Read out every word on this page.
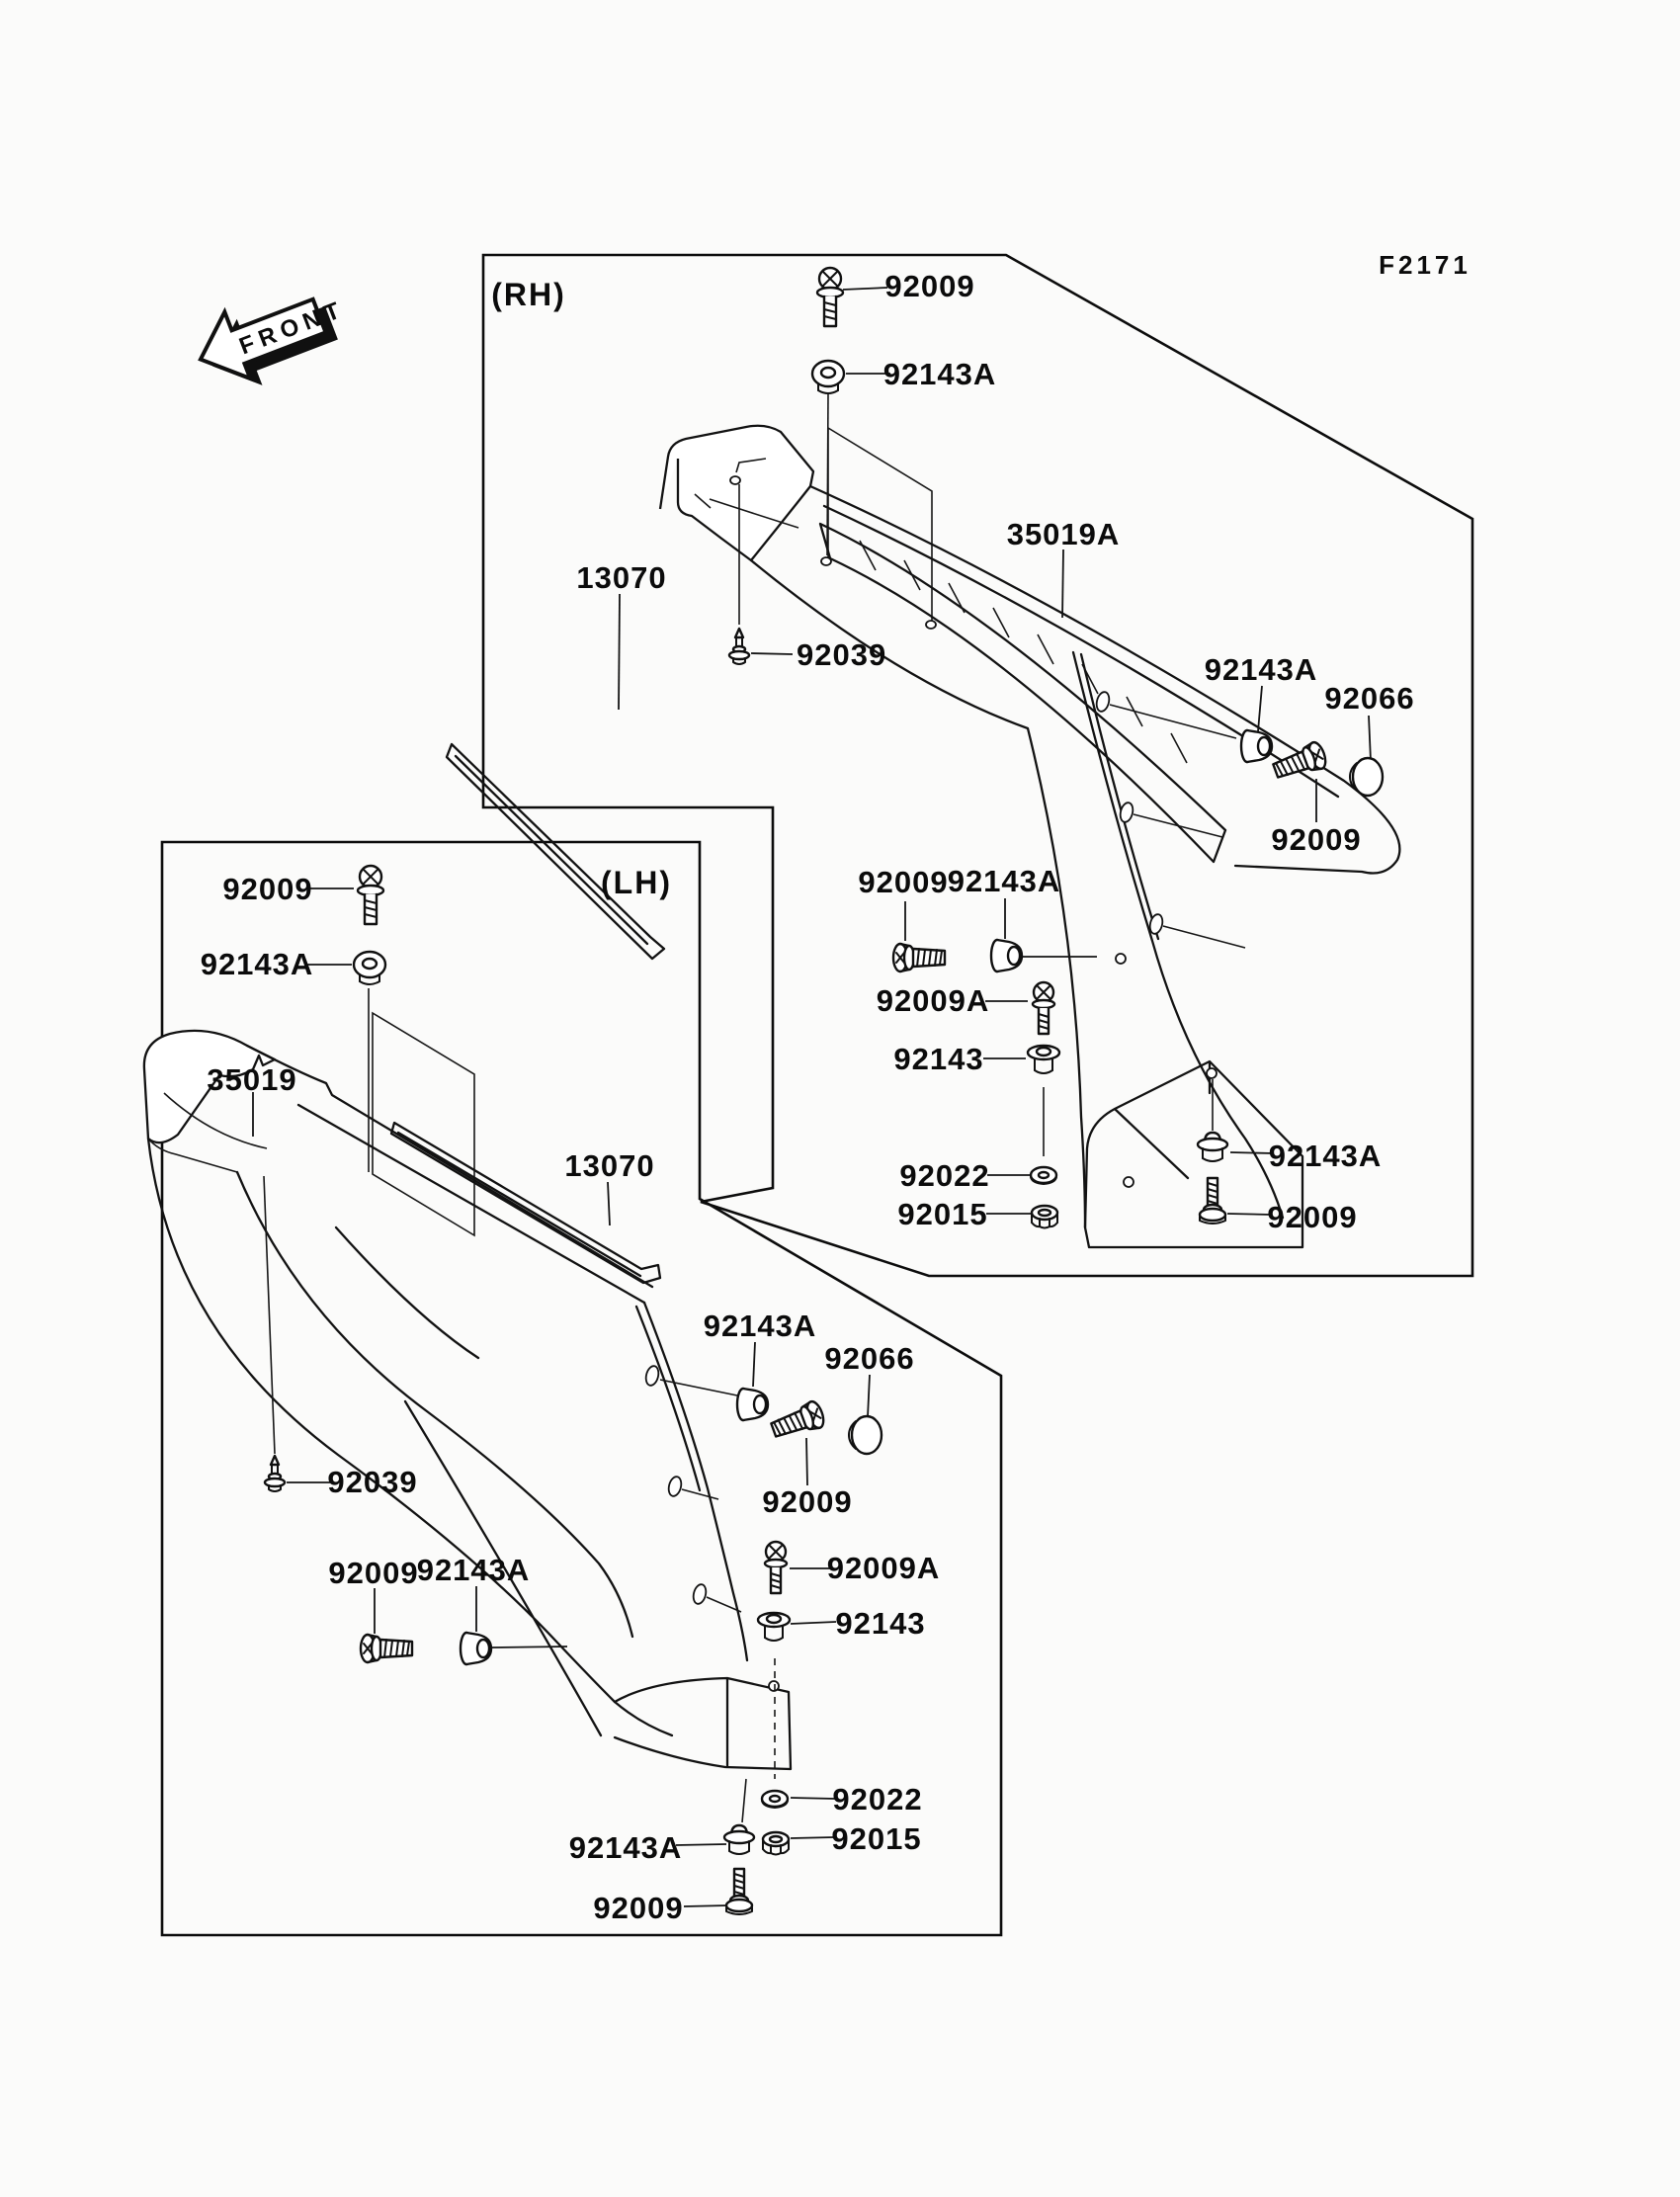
FRONT
F2171
(RH)	92009
92143A
35019A
13070
92039	92143A
92066
92009
92009 92143A
92009A
92143
92022
92015
92143A
92009
(LH)
92009
92143A
35019
13070
92039
92009
92143A
92143A
92066
92009
92009A
92143
92022
92015
92143A
92009
